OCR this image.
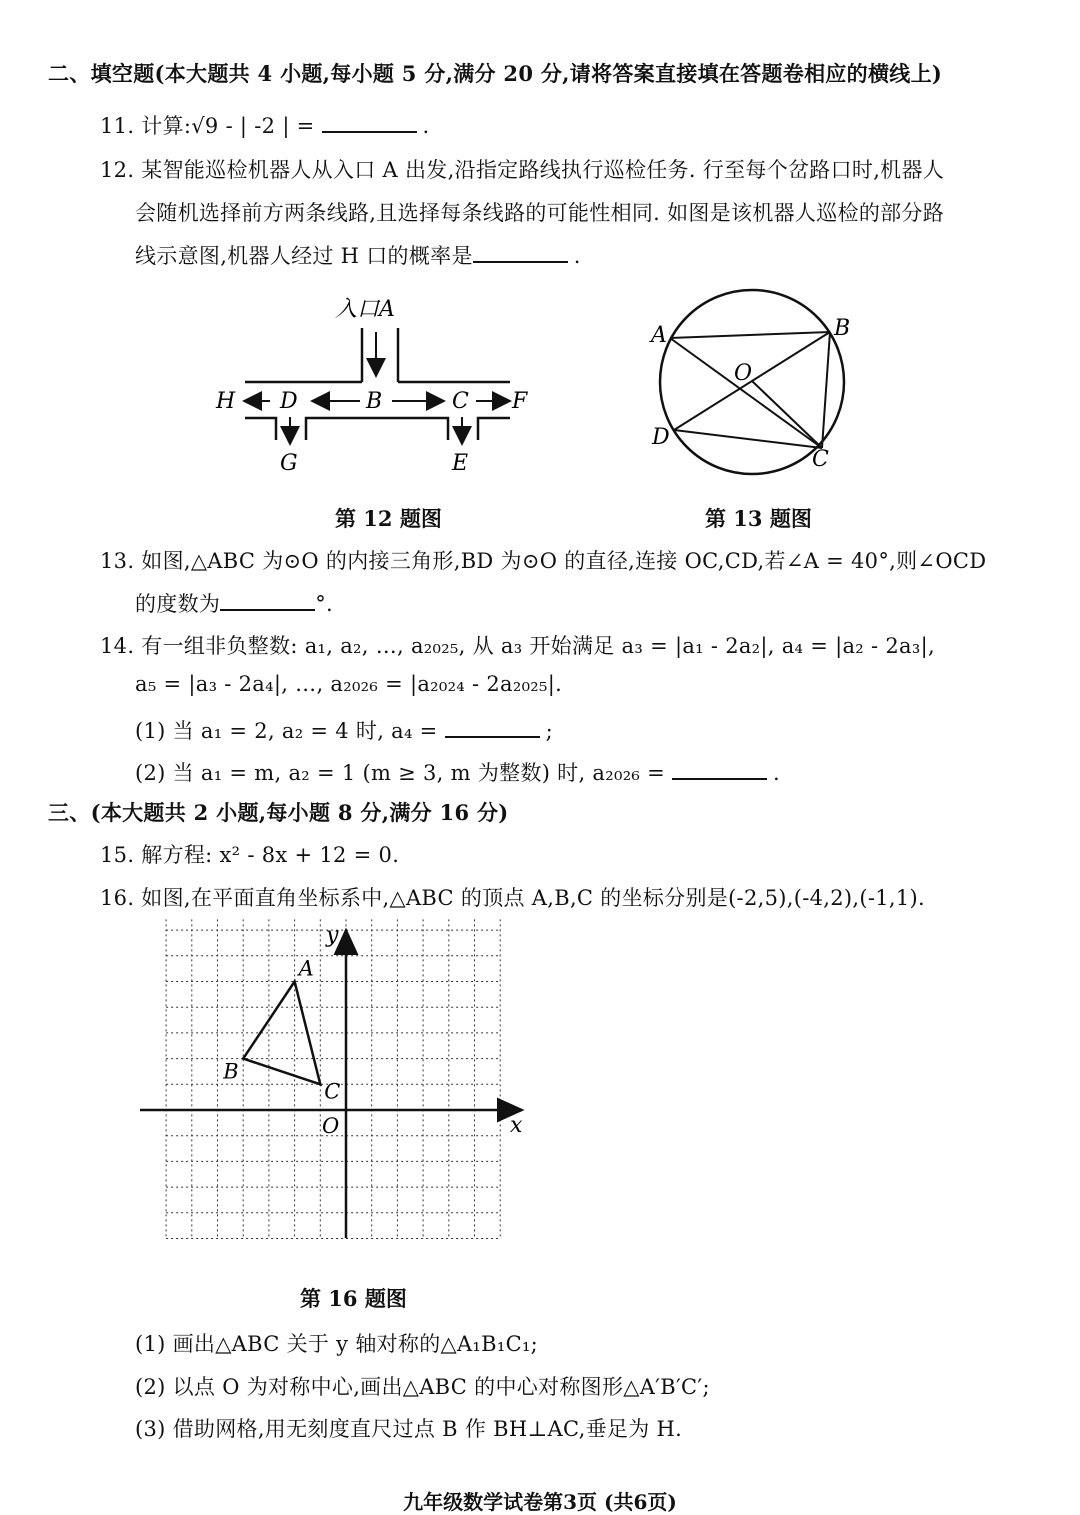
二、填空题(本大题共 4 小题,每小题 5 分,满分 20 分,请将答案直接填在答题卷相应的横线上)
11. 计算:√9 - | -2 | =	.
12. 某智能巡检机器人从入口 A 出发,沿指定路线执行巡检任务. 行至每个岔路口时,机器人
会随机选择前方两条线路,且选择每条线路的可能性相同. 如图是该机器人巡检的部分路
线示意图,机器人经过 H 口的概率是	.
入口A
H D	B	C F
G	E
第 12 题图
A	B
O
D
C
第 13 题图
13. 如图,△ABC 为⊙O 的内接三角形,BD 为⊙O 的直径,连接 OC,CD,若∠A = 40°,则∠OCD
的度数为	°.
14. 有一组非负整数: a₁, a₂, …, a₂₀₂₅, 从 a₃ 开始满足 a₃ = |a₁ - 2a₂|, a₄ = |a₂ - 2a₃|,
a₅ = |a₃ - 2a₄|, …, a₂₀₂₆ = |a₂₀₂₄ - 2a₂₀₂₅|.
(1) 当 a₁ = 2, a₂ = 4 时, a₄ =	;
(2) 当 a₁ = m, a₂ = 1 (m ≥ 3, m 为整数) 时, a₂₀₂₆ =	.
三、(本大题共 2 小题,每小题 8 分,满分 16 分)
15. 解方程: x² - 8x + 12 = 0.
16. 如图,在平面直角坐标系中,△ABC 的顶点 A,B,C 的坐标分别是(-2,5),(-4,2),(-1,1).
x
y
O
A
B
C
第 16 题图
(1) 画出△ABC 关于 y 轴对称的△A₁B₁C₁;
(2) 以点 O 为对称中心,画出△ABC 的中心对称图形△A′B′C′;
(3) 借助网格,用无刻度直尺过点 B 作 BH⊥AC,垂足为 H.
九年级数学试卷第3页 (共6页)
